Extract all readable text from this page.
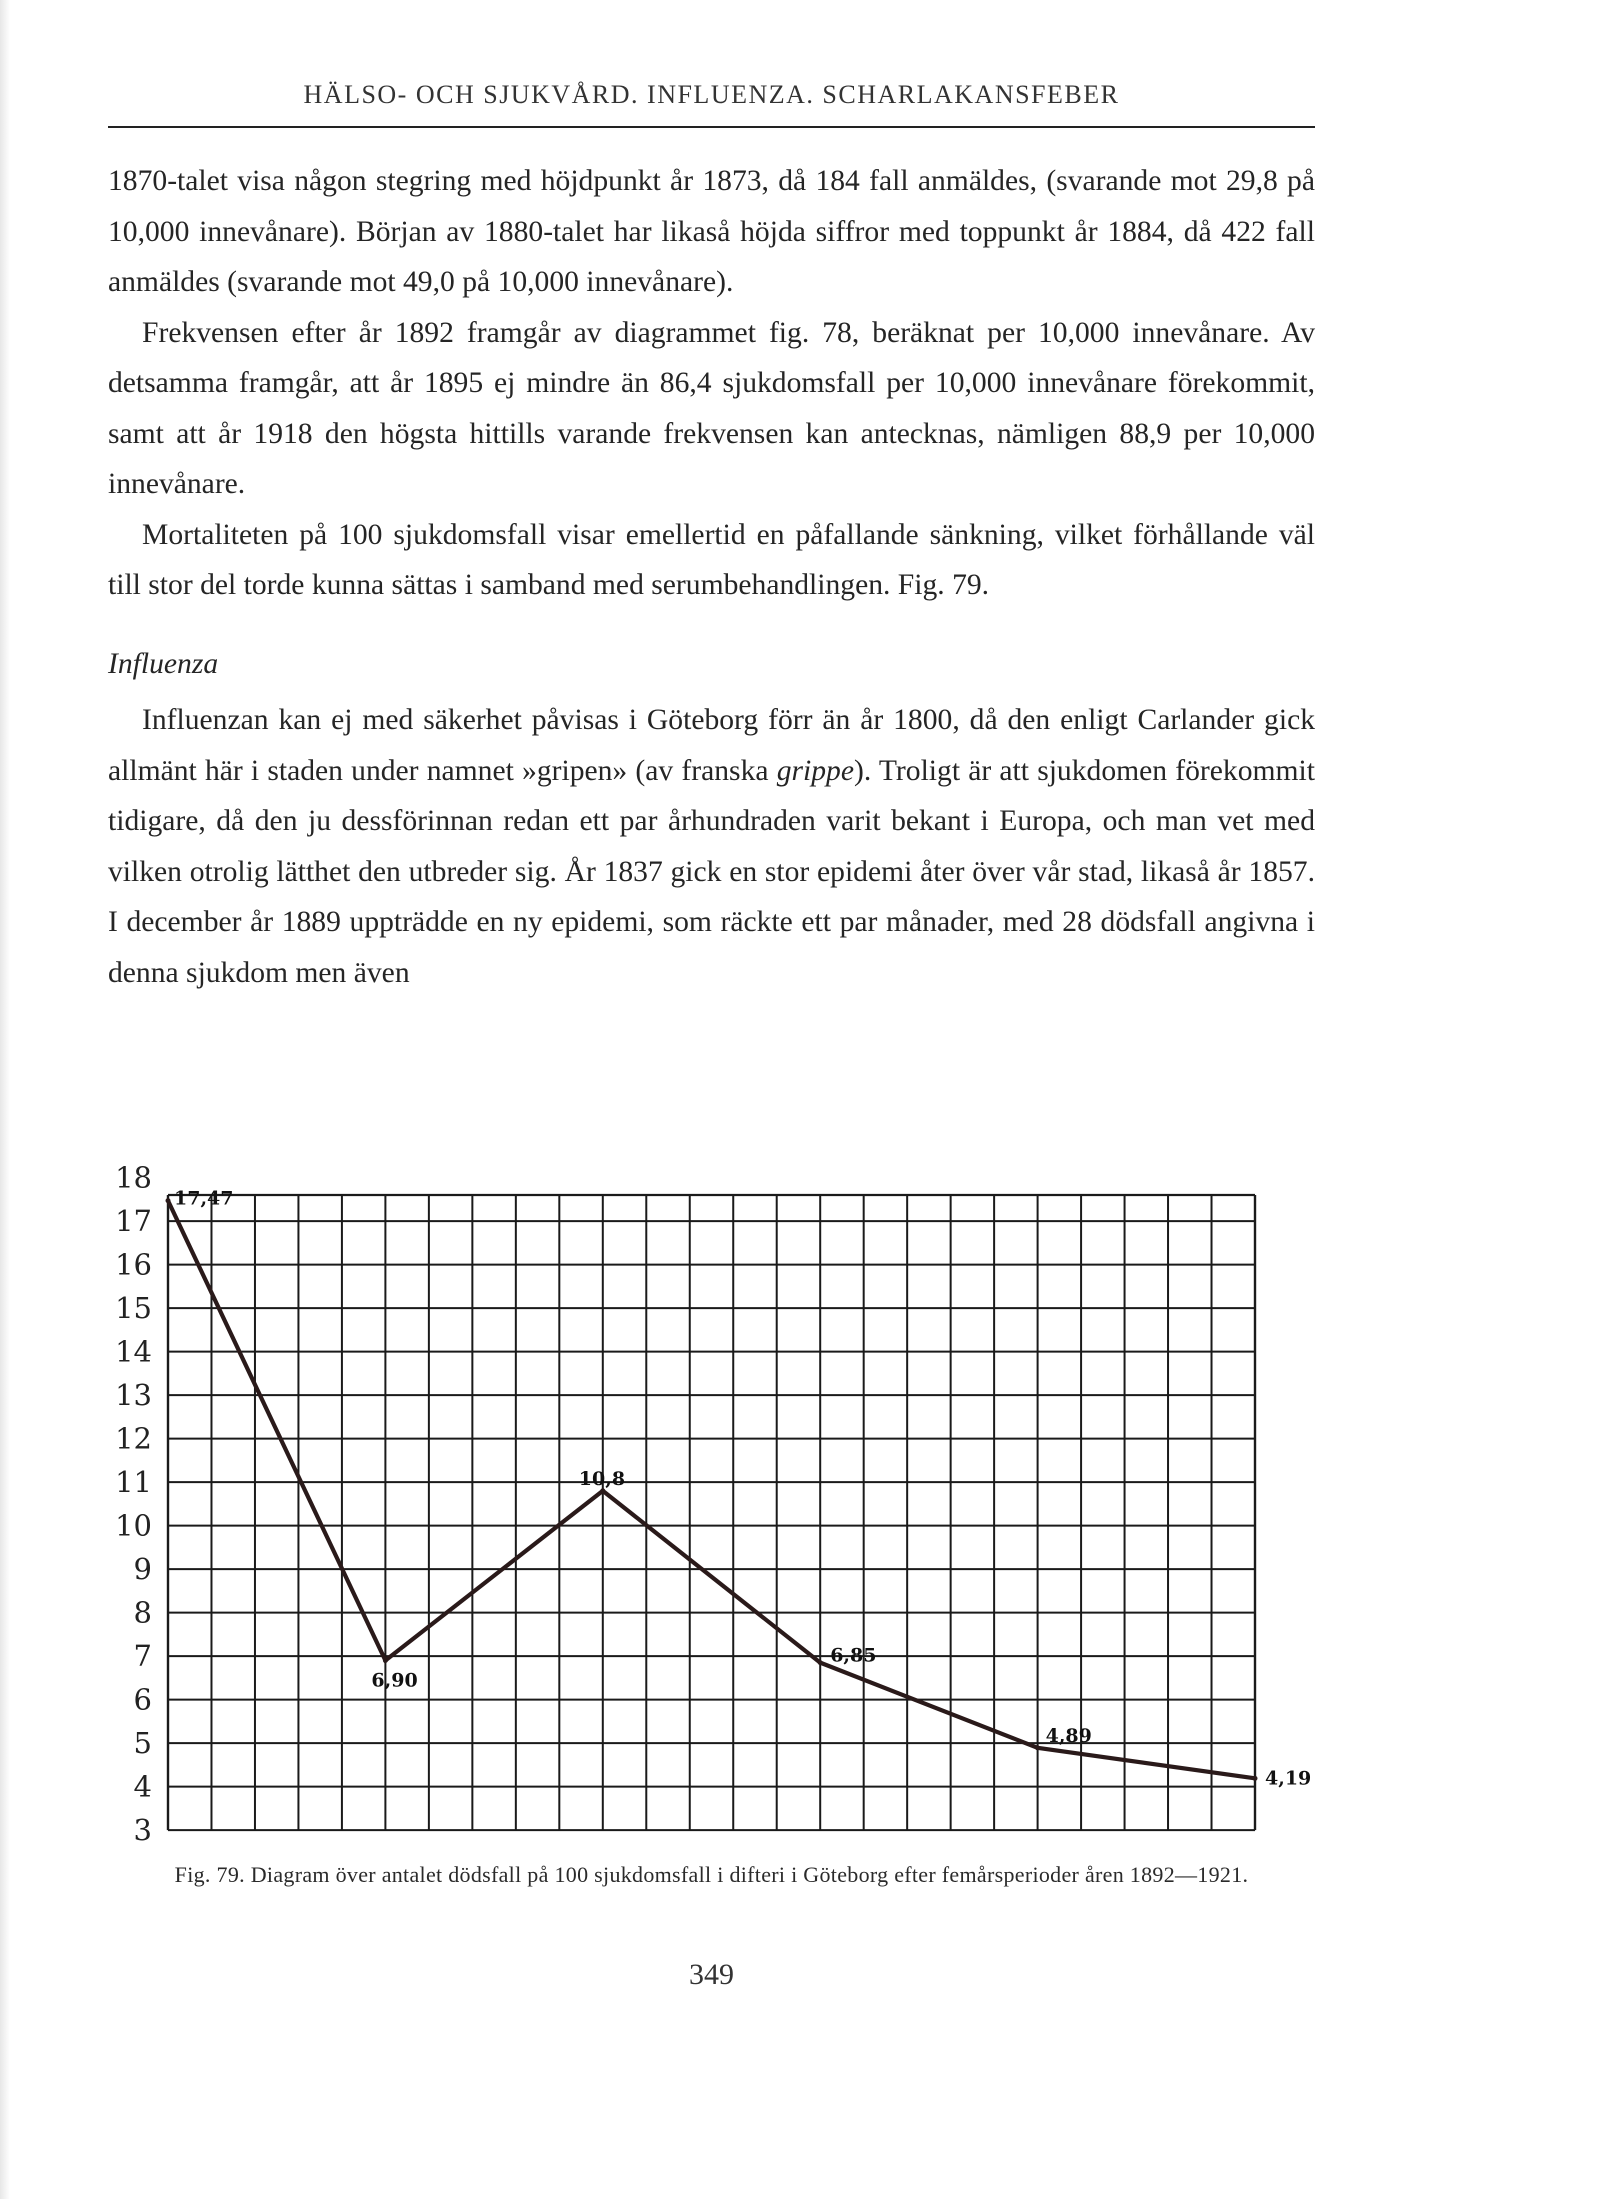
HÄLSO- OCH SJUKVÅRD. INFLUENZA. SCHARLAKANSFEBER

1870-talet visa någon stegring med höjdpunkt år 1873, då 184 fall anmäldes, (svarande mot 29,8 på 10,000 innevånare). Början av 1880-talet har likaså höjda siffror med toppunkt år 1884, då 422 fall anmäldes (svarande mot 49,0 på 10,000 innevånare).

Frekvensen efter år 1892 framgår av diagrammet fig. 78, beräknat per 10,000 innevånare. Av detsamma framgår, att år 1895 ej mindre än 86,4 sjukdomsfall per 10,000 innevånare förekommit, samt att år 1918 den högsta hittills varande frekvensen kan antecknas, nämligen 88,9 per 10,000 innevånare.

Mortaliteten på 100 sjukdomsfall visar emellertid en påfallande sänkning, vilket förhållande väl till stor del torde kunna sättas i samband med serumbehandlingen. Fig. 79.

Influenza

Influenzan kan ej med säkerhet påvisas i Göteborg förr än år 1800, då den enligt Carlander gick allmänt här i staden under namnet »gripen» (av franska grippe). Troligt är att sjukdomen förekommit tidigare, då den ju dessförinnan redan ett par århundraden varit bekant i Europa, och man vet med vilken otrolig lätthet den utbreder sig. År 1837 gick en stor epidemi åter över vår stad, likaså år 1857. I december år 1889 uppträdde en ny epidemi, som räckte ett par månader, med 28 dödsfall angivna i denna sjukdom men även

3
4
5
6
7
8
9
10
11
12
13
14
15
16
17
18
17,47
6,90
10,8
6,85
4,89
4,19
Fig. 79. Diagram över antalet dödsfall på 100 sjukdomsfall i difteri i Göteborg efter femårsperioder åren 1892—1921.
349
